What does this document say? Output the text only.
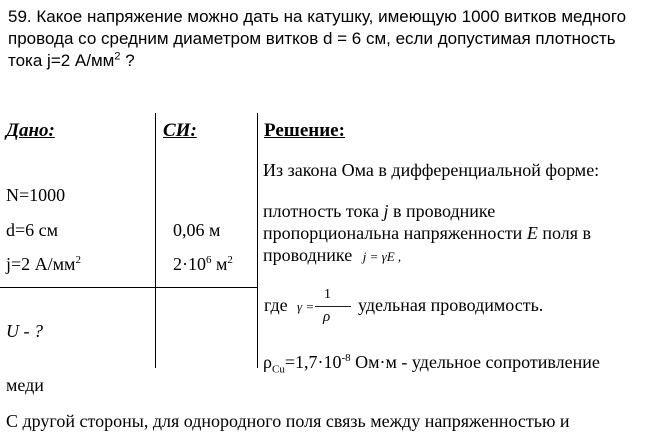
59. Какое напряжение можно дать на катушку, имеющую 1000 витков медного провода со средним диаметром витков d = 6 см, если допустимая плотность тока j=2 $А/мм^2$ ?
Дано:	СИ:	Решение:
N=1000
d=6 см
j=2 $А/мм^2$
U - ?
0,06 м
$2\cdot 10^6$ $м^2$
Из закона Ома в дифференциальной форме:
плотность тока j в проводнике
пропорциональна напряженности E поля в
проводнике j = γE ,
где γ =
1
ρ
удельная проводимость.
$\rho_{Cu}=1,7\cdot 10^{-8}$ Ом·м - удельное сопротивление
меди
С другой стороны, для однородного поля связь между напряженностью и
